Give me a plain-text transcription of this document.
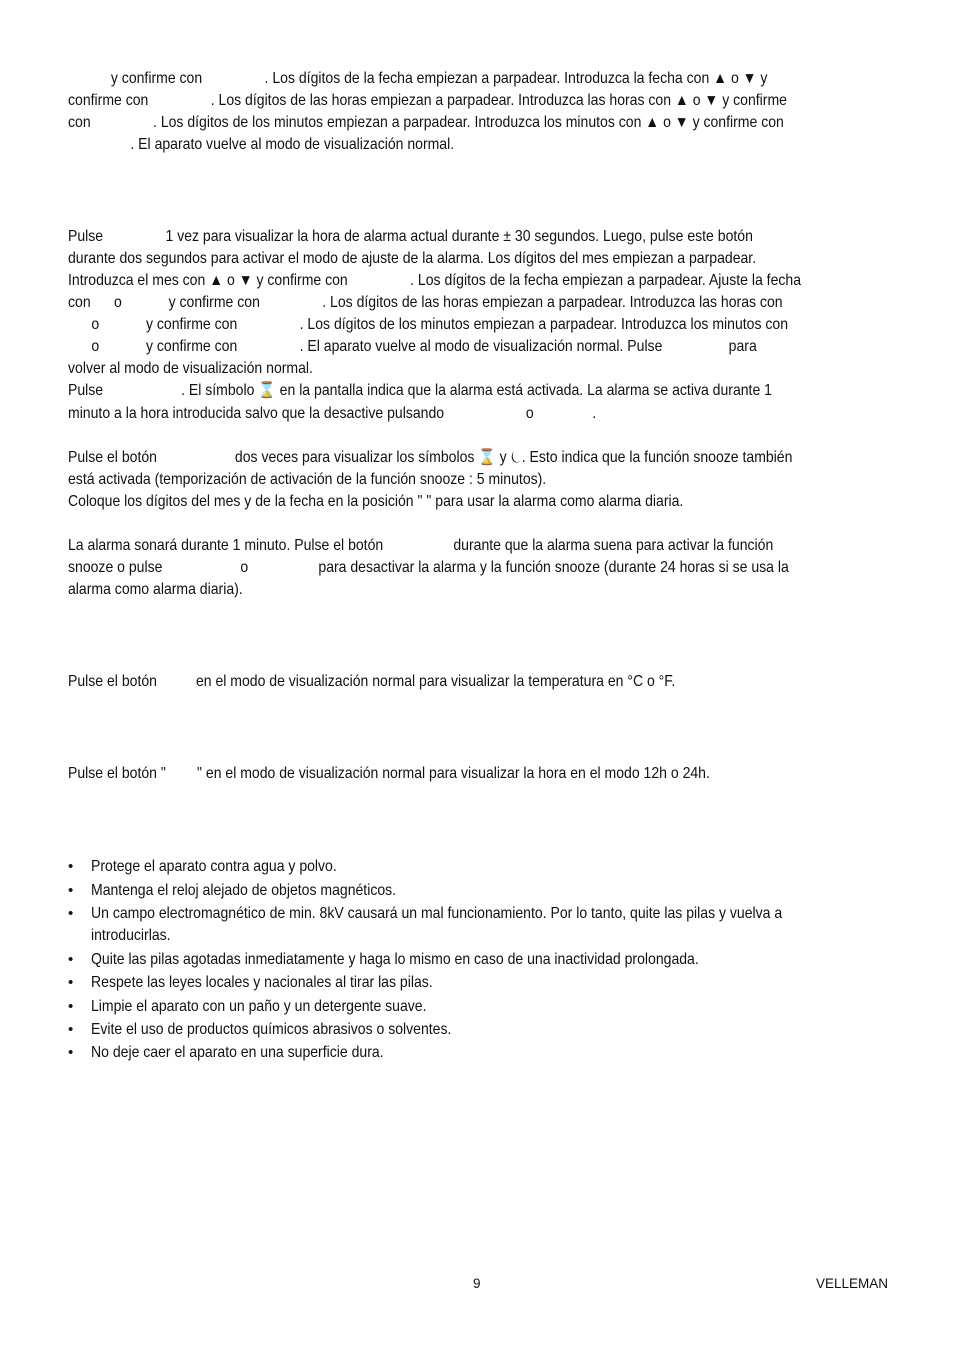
y confirme con                . Los dígitos de la fecha empiezan a parpadear. Introduzca la fecha con ▲ o ▼ y
confirme con                . Los dígitos de las horas empiezan a parpadear. Introduzca las horas con ▲ o ▼ y confirme
con                . Los dígitos de los minutos empiezan a parpadear. Introduzca los minutos con ▲ o ▼ y confirme con
. El aparato vuelve al modo de visualización normal.
Pulse                1 vez para visualizar la hora de alarma actual durante ± 30 segundos. Luego, pulse este botón
durante dos segundos para activar el modo de ajuste de la alarma. Los dígitos del mes empiezan a parpadear.
Introduzca el mes con ▲ o ▼ y confirme con                . Los dígitos de la fecha empiezan a parpadear. Ajuste la fecha
con      o            y confirme con                . Los dígitos de las horas empiezan a parpadear. Introduzca las horas con
o            y confirme con                . Los dígitos de los minutos empiezan a parpadear. Introduzca los minutos con
o            y confirme con                . El aparato vuelve al modo de visualización normal. Pulse                 para
volver al modo de visualización normal.
Pulse                    . El símbolo ⌛ en la pantalla indica que la alarma está activada. La alarma se activa durante 1
minuto a la hora introducida salvo que la desactive pulsando                     o               .
Pulse el botón                    dos veces para visualizar los símbolos ⌛ y ⏾. Esto indica que la función snooze también
está activada (temporización de activación de la función snooze : 5 minutos).
Coloque los dígitos del mes y de la fecha en la posición " " para usar la alarma como alarma diaria.
La alarma sonará durante 1 minuto. Pulse el botón                  durante que la alarma suena para activar la función
snooze o pulse                    o                  para desactivar la alarma y la función snooze (durante 24 horas si se usa la
alarma como alarma diaria).
Pulse el botón          en el modo de visualización normal para visualizar la temperatura en °C o °F.
Pulse el botón "        " en el modo de visualización normal para visualizar la hora en el modo 12h o 24h.
• Protege el aparato contra agua y polvo.
• Mantenga el reloj alejado de objetos magnéticos.
• Un campo electromagnético de min. 8kV causará un mal funcionamiento. Por lo tanto, quite las pilas y vuelva a
introducirlas.
• Quite las pilas agotadas inmediatamente y haga lo mismo en caso de una inactividad prolongada.
• Respete las leyes locales y nacionales al tirar las pilas.
• Limpie el aparato con un paño y un detergente suave.
• Evite el uso de productos químicos abrasivos o solventes.
• No deje caer el aparato en una superficie dura.
9	VELLEMAN
